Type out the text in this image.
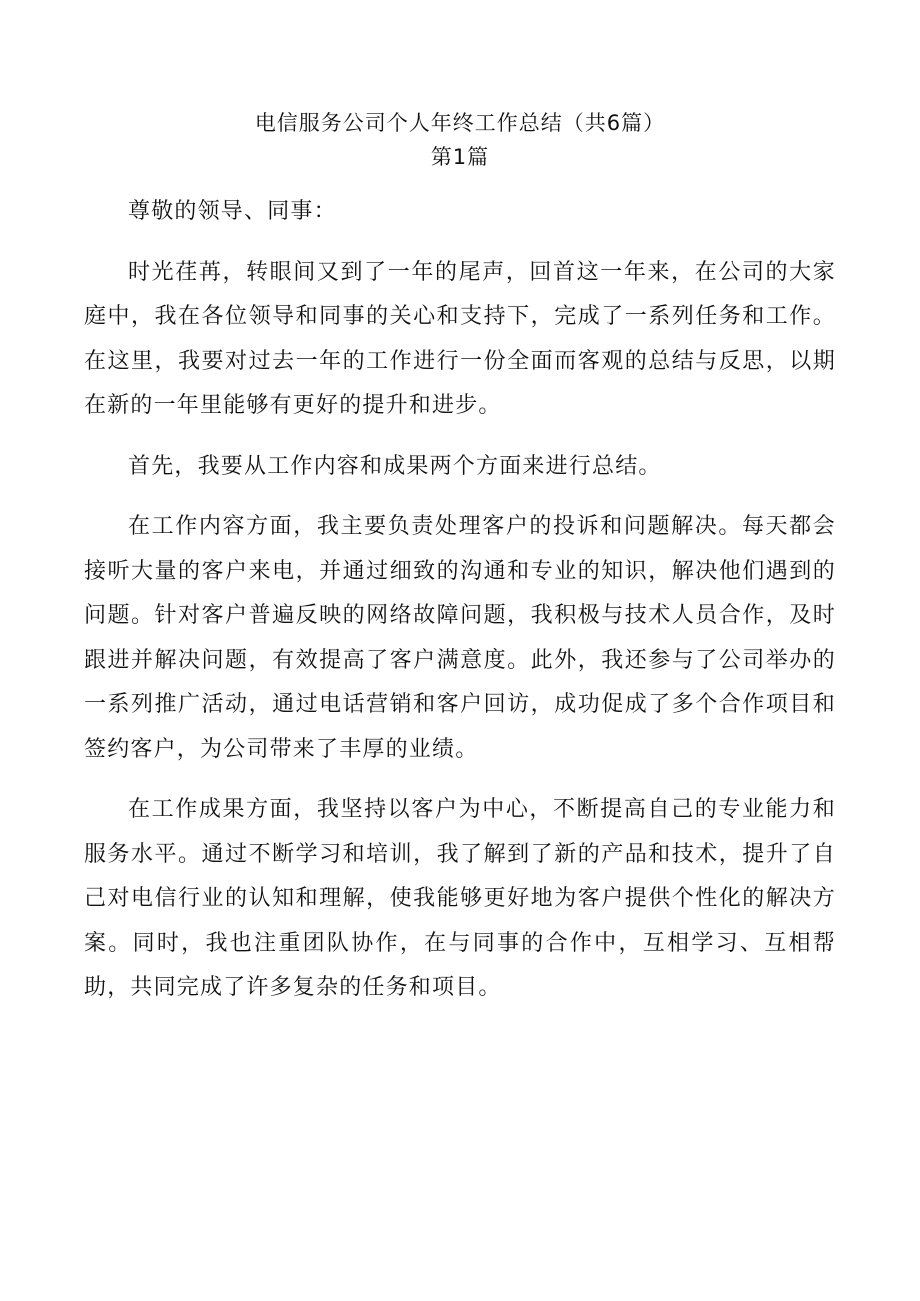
电信服务公司个人年终工作总结（共6篇）
第1篇

尊敬的领导、同事：

时光荏苒，转眼间又到了一年的尾声，回首这一年来，在公司的大家庭中，我在各位领导和同事的关心和支持下，完成了一系列任务和工作。在这里，我要对过去一年的工作进行一份全面而客观的总结与反思，以期在新的一年里能够有更好的提升和进步。

首先，我要从工作内容和成果两个方面来进行总结。

在工作内容方面，我主要负责处理客户的投诉和问题解决。每天都会接听大量的客户来电，并通过细致的沟通和专业的知识，解决他们遇到的问题。针对客户普遍反映的网络故障问题，我积极与技术人员合作，及时跟进并解决问题，有效提高了客户满意度。此外，我还参与了公司举办的一系列推广活动，通过电话营销和客户回访，成功促成了多个合作项目和签约客户，为公司带来了丰厚的业绩。

在工作成果方面，我坚持以客户为中心，不断提高自己的专业能力和服务水平。通过不断学习和培训，我了解到了新的产品和技术，提升了自己对电信行业的认知和理解，使我能够更好地为客户提供个性化的解决方案。同时，我也注重团队协作，在与同事的合作中，互相学习、互相帮助，共同完成了许多复杂的任务和项目。
